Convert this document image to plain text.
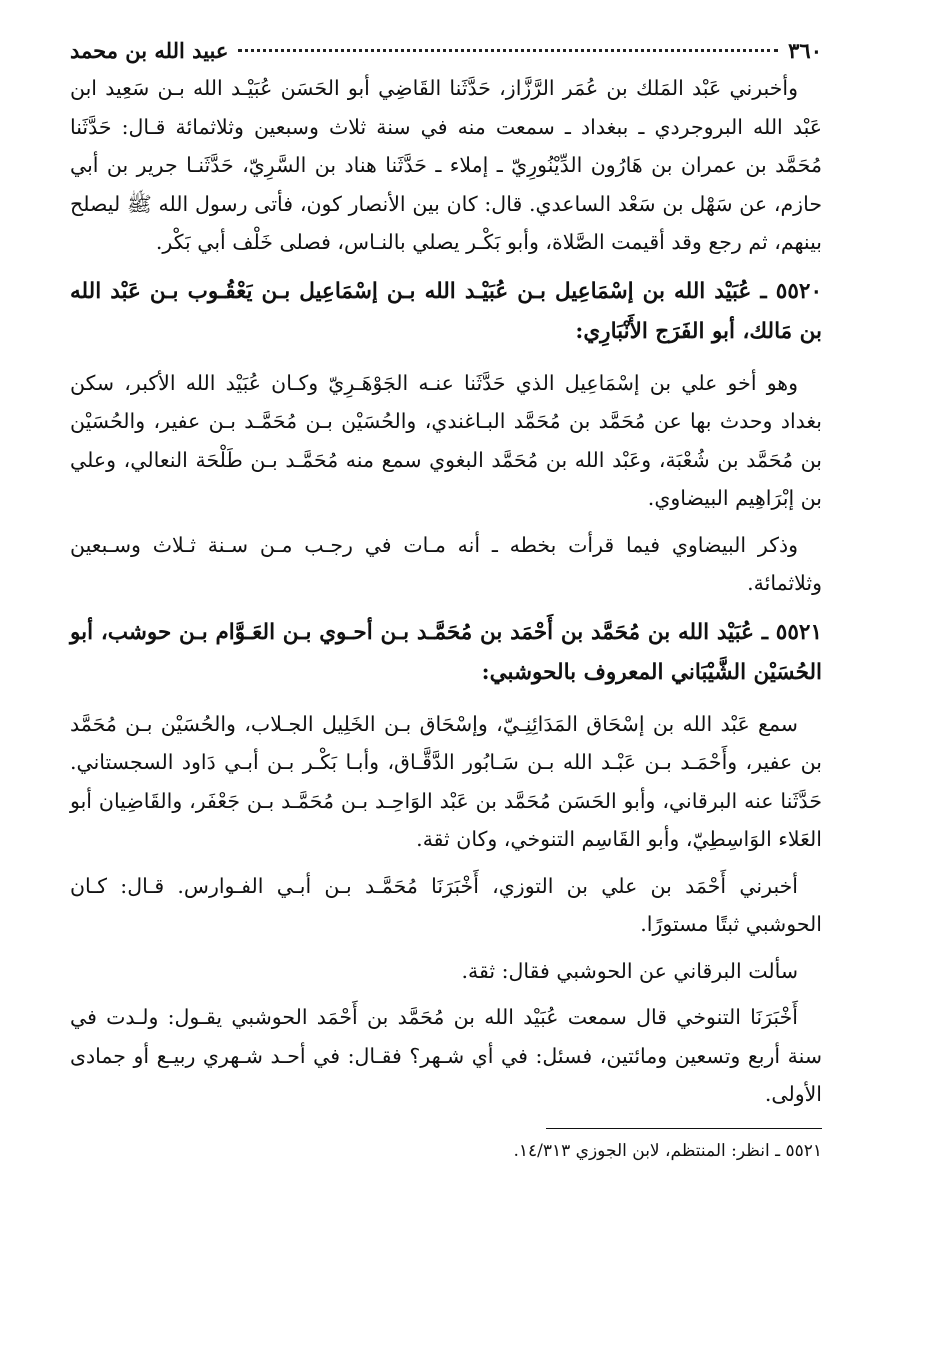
٣٦٠
عبيد الله بن محمد

وأخبرني عَبْد المَلك بن عُمَر الرَّزَّاز، حَدَّثَنا القَاضِي أبو الحَسَن عُبَيْـد الله بـن سَعِيد ابن عَبْد الله البروجردي ـ ببغداد ـ سمعت منه في سنة ثلاث وسبعين وثلاثمائة قـال: حَدَّثَنا مُحَمَّد بن عمران بن هَارُون الدِّيْنُورِيّ ـ إملاء ـ حَدَّثَنا هناد بن السَّرِيّ، حَدَّثَنـا جرير بن أبي حازم، عن سَهْل بن سَعْد الساعدي. قال: كان بين الأنصار كون، فأتى رسول الله ﷺ ليصلح بينهم، ثم رجع وقد أقيمت الصَّلاة، وأبو بَكْـر يصلي بالنـاس، فصلى خَلْف أبي بَكْر.

٥٥٢٠ ـ عُبَيْد الله بن إسْمَاعِيل بـن عُبَيْـد الله بـن إسْمَاعِيل بـن يَعْقُـوب بـن عَبْد الله بن مَالك، أبو الفَرَج الأَنْبَارِي:

وهو أخو علي بن إسْمَاعِيل الذي حَدَّثَنا عنـه الجَوْهَـرِيّ وكـان عُبَيْد الله الأكبر، سكن بغداد وحدث بها عن مُحَمَّد بن مُحَمَّد البـاغندي، والحُسَيْن بـن مُحَمَّـد بـن عفير، والحُسَيْن بن مُحَمَّد بن شُعْبَة، وعَبْد الله بن مُحَمَّد البغوي سمع منه مُحَمَّـد بـن طَلْحَة النعالي، وعلي بن إبْرَاهِيم البيضاوي.

وذكر البيضاوي فيما قرأت بخطه ـ أنه مـات في رجـب مـن سـنة ثـلاث وسـبعين وثلاثمائة.

٥٥٢١ ـ عُبَيْد الله بن مُحَمَّد بن أَحْمَد بن مُحَمَّـد بـن أحـوي بـن العَـوَّام بـن حوشب، أبو الحُسَيْن الشَّيْبَاني المعروف بالحوشبي:

سمع عَبْد الله بن إسْحَاق المَدَائِنِـيّ، وإسْحَاق بـن الخَلِيل الجـلاب، والحُسَيْن بـن مُحَمَّد بن عفير، وأَحْمَـد بـن عَبْـد الله بـن سَـابُور الدَّقَّـاق، وأبـا بَكْـر بـن أبـي دَاود السجستاني. حَدَّثَنا عنه البرقاني، وأبو الحَسَن مُحَمَّد بن عَبْد الوَاحِـد بـن مُحَمَّـد بـن جَعْفَر، والقَاضِيان أبو العَلاء الوَاسِطِيّ، وأبو القَاسِم التنوخي، وكان ثقة.

أخبرني أَحْمَد بن علي بن التوزي، أَخْبَرَنَا مُحَمَّـد بـن أبـي الفـوارس. قـال: كـان الحوشبي ثبتًا مستورًا.

سألت البرقاني عن الحوشبي فقال: ثقة.

أَخْبَرَنَا التنوخي قال سمعت عُبَيْد الله بن مُحَمَّد بن أَحْمَد الحوشبي يقـول: ولـدت في سنة أربع وتسعين ومائتين، فسئل: في أي شـهر؟ فقـال: في أحـد شـهري ربيـع أو جمادى الأولى.

٥٥٢١ ـ انظر: المنتظم، لابن الجوزي ١٤/٣١٣.
